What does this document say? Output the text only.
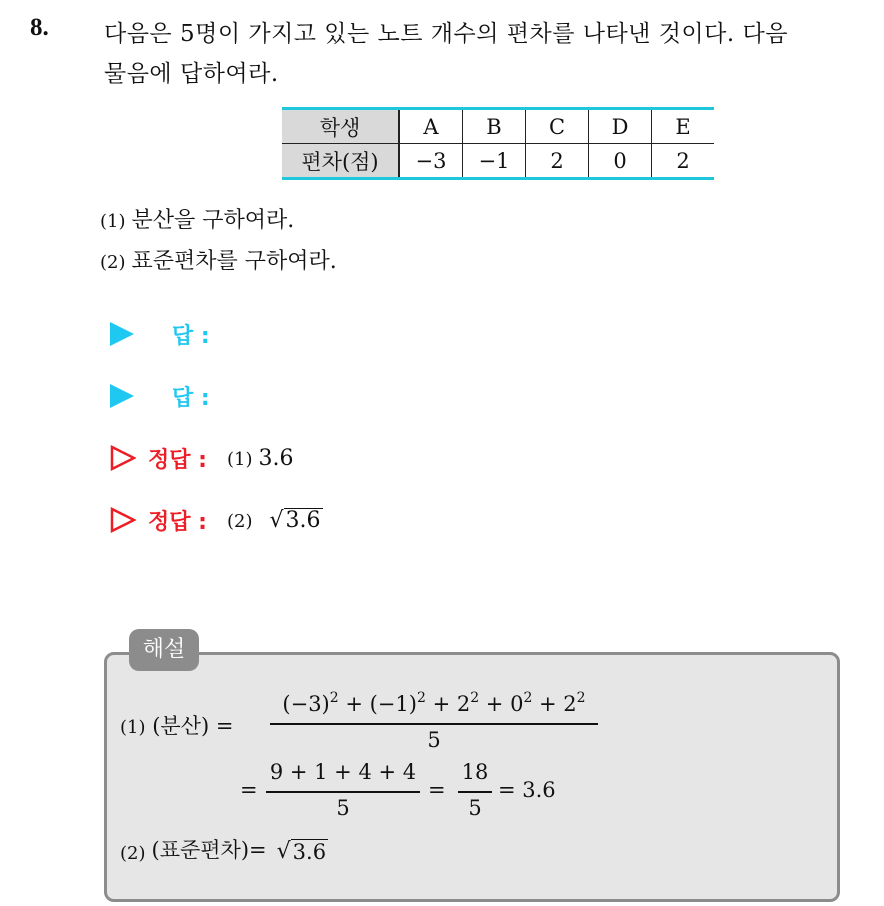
8. 다음은 5명이 가지고 있는 노트 개수의 편차를 나타낸 것이다. 다음
물음에 답하여라.
학생	A	B	C	D	E
편차(점)	−3	−1	2	0	2
(1) 분산을 구하여라.
(2) 표준편차를 구하여라.
답 :
답 :
정답 : (1) 3.6
정답 : (2) √ 3.6
해설
(1) (분산) =
$(-3)^2 + (-1)^2 + 2^2 + 0^2 + 2^2$
5
=
9 + 1 + 4 + 4
5
=
18
5
= 3.6
(2) (표준편차)= √ 3.6
